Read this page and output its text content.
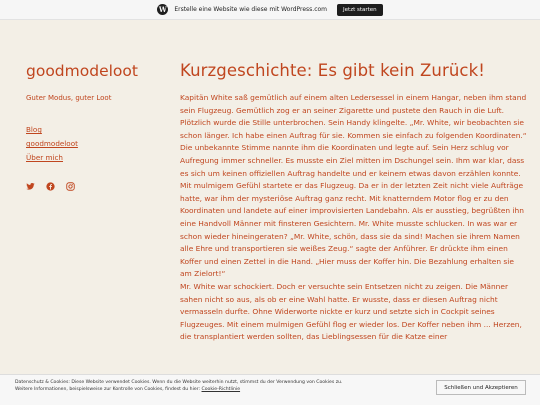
W Erstelle eine Website wie diese mit WordPress.com	Jetzt starten
goodmodeloot
Guter Modus, guter Loot
Blog
goodmodeloot
Über mich
Kurzgeschichte: Es gibt kein Zurück!

Kapitän White saß gemütlich auf einem alten Ledersessel in einem Hangar, neben ihm stand sein Flugzeug. Gemütlich zog er an seiner Zigarette und pustete den Rauch in die Luft. Plötzlich wurde die Stille unterbrochen. Sein Handy klingelte. „Mr. White, wir beobachten sie schon länger. Ich habe einen Auftrag für sie. Kommen sie einfach zu folgenden Koordinaten.“ Die unbekannte Stimme nannte ihm die Koordinaten und legte auf. Sein Herz schlug vor Aufregung immer schneller. Es musste ein Ziel mitten im Dschungel sein. Ihm war klar, dass es sich um keinen offiziellen Auftrag handelte und er keinem etwas davon erzählen konnte. Mit mulmigem Gefühl startete er das Flugzeug. Da er in der letzten Zeit nicht viele Aufträge hatte, war ihm der mysteriöse Auftrag ganz recht. Mit knatterndem Motor flog er zu den Koordinaten und landete auf einer improvisierten Landebahn. Als er ausstieg, begrüßten ihn eine Handvoll Männer mit finsteren Gesichtern. Mr. White musste schlucken. In was war er schon wieder hineingeraten? „Mr. White, schön, dass sie da sind! Machen sie ihrem Namen alle Ehre und transportieren sie weißes Zeug.“ sagte der Anführer. Er drückte ihm einen Koffer und einen Zettel in die Hand. „Hier muss der Koffer hin. Die Bezahlung erhalten sie am Zielort!“

Mr. White war schockiert. Doch er versuchte sein Entsetzen nicht zu zeigen. Die Männer sahen nicht so aus, als ob er eine Wahl hatte. Er wusste, dass er diesen Auftrag nicht vermasseln durfte. Ohne Widerworte nickte er kurz und setzte sich in Cockpit seines Flugzeuges. Mit einem mulmigen Gefühl flog er wieder los. Der Koffer neben ihm ... Herzen, die transplantiert werden sollten, das Lieblingsessen für die Katze einer

Datenschutz & Cookies: Diese Website verwendet Cookies. Wenn du die Website weiterhin nutzt, stimmst du der Verwendung von Cookies zu.
Weitere Informationen, beispielsweise zur Kontrolle von Cookies, findest du hier: Cookie-Richtlinie	Schließen und Akzeptieren
